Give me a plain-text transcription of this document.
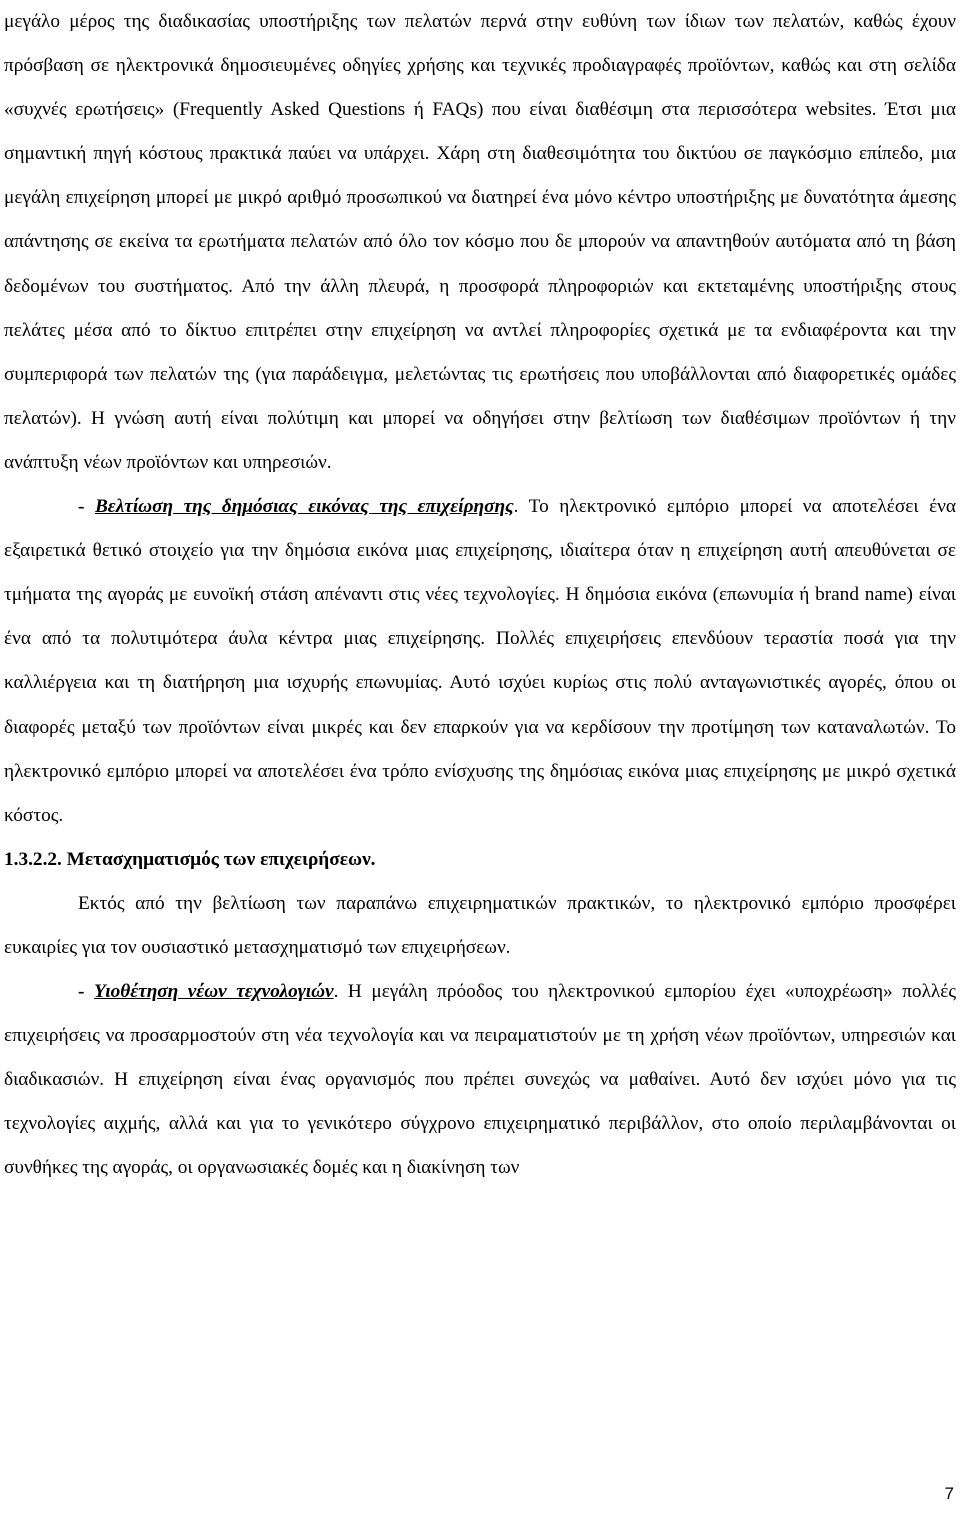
μεγάλο μέρος της διαδικασίας υποστήριξης των πελατών περνά στην ευθύνη των ίδιων των πελατών, καθώς έχουν πρόσβαση σε ηλεκτρονικά δημοσιευμένες οδηγίες χρήσης και τεχνικές προδιαγραφές προϊόντων, καθώς και στη σελίδα «συχνές ερωτήσεις» (Frequently Asked Questions ή FAQs) που είναι διαθέσιμη στα περισσότερα websites. Έτσι μια σημαντική πηγή κόστους πρακτικά παύει να υπάρχει. Χάρη στη διαθεσιμότητα του δικτύου σε παγκόσμιο επίπεδο, μια μεγάλη επιχείρηση μπορεί με μικρό αριθμό προσωπικού να διατηρεί ένα μόνο κέντρο υποστήριξης με δυνατότητα άμεσης απάντησης σε εκείνα τα ερωτήματα πελατών από όλο τον κόσμο που δε μπορούν να απαντηθούν αυτόματα από τη βάση δεδομένων του συστήματος. Από την άλλη πλευρά, η προσφορά πληροφοριών και εκτεταμένης υποστήριξης στους πελάτες μέσα από το δίκτυο επιτρέπει στην επιχείρηση να αντλεί πληροφορίες σχετικά με τα ενδιαφέροντα και την συμπεριφορά των πελατών της (για παράδειγμα, μελετώντας τις ερωτήσεις που υποβάλλονται από διαφορετικές ομάδες πελατών). Η γνώση αυτή είναι πολύτιμη και μπορεί να οδηγήσει στην βελτίωση των διαθέσιμων προϊόντων ή την ανάπτυξη νέων προϊόντων και υπηρεσιών.

- Βελτίωση της δημόσιας εικόνας της επιχείρησης. Το ηλεκτρονικό εμπόριο μπορεί να αποτελέσει ένα εξαιρετικά θετικό στοιχείο για την δημόσια εικόνα μιας επιχείρησης, ιδιαίτερα όταν η επιχείρηση αυτή απευθύνεται σε τμήματα της αγοράς με ευνοϊκή στάση απέναντι στις νέες τεχνολογίες. Η δημόσια εικόνα (επωνυμία ή brand name) είναι ένα από τα πολυτιμότερα άυλα κέντρα μιας επιχείρησης. Πολλές επιχειρήσεις επενδύουν τεραστία ποσά για την καλλιέργεια και τη διατήρηση μια ισχυρής επωνυμίας. Αυτό ισχύει κυρίως στις πολύ ανταγωνιστικές αγορές, όπου οι διαφορές μεταξύ των προϊόντων είναι μικρές και δεν επαρκούν για να κερδίσουν την προτίμηση των καταναλωτών. Το ηλεκτρονικό εμπόριο μπορεί να αποτελέσει ένα τρόπο ενίσχυσης της δημόσιας εικόνα μιας επιχείρησης με μικρό σχετικά κόστος.

1.3.2.2. Μετασχηματισμός των επιχειρήσεων.

Εκτός από την βελτίωση των παραπάνω επιχειρηματικών πρακτικών, το ηλεκτρονικό εμπόριο προσφέρει ευκαιρίες για τον ουσιαστικό μετασχηματισμό των επιχειρήσεων.

- Υιοθέτηση νέων τεχνολογιών. Η μεγάλη πρόοδος του ηλεκτρονικού εμπορίου έχει «υποχρέωση» πολλές επιχειρήσεις να προσαρμοστούν στη νέα τεχνολογία και να πειραματιστούν με τη χρήση νέων προϊόντων, υπηρεσιών και διαδικασιών. Η επιχείρηση είναι ένας οργανισμός που πρέπει συνεχώς να μαθαίνει. Αυτό δεν ισχύει μόνο για τις τεχνολογίες αιχμής, αλλά και για το γενικότερο σύγχρονο επιχειρηματικό περιβάλλον, στο οποίο περιλαμβάνονται οι συνθήκες της αγοράς, οι οργανωσιακές δομές και η διακίνηση των

7
